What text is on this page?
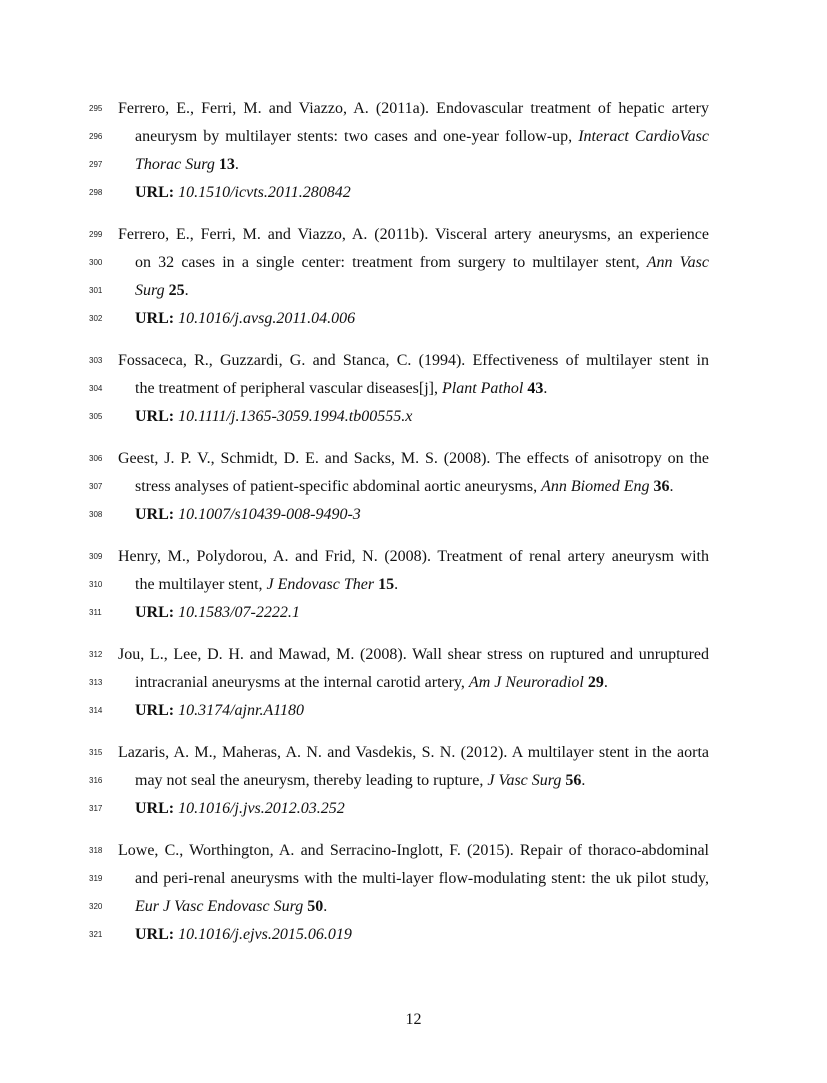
295 Ferrero, E., Ferri, M. and Viazzo, A. (2011a). Endovascular treatment of hepatic artery
296	aneurysm by multilayer stents: two cases and one-year follow-up, Interact CardioVasc
297	Thorac Surg 13.
298	URL: 10.1510/icvts.2011.280842
299 Ferrero, E., Ferri, M. and Viazzo, A. (2011b). Visceral artery aneurysms, an experience
300	on 32 cases in a single center: treatment from surgery to multilayer stent, Ann Vasc
301	Surg 25.
302	URL: 10.1016/j.avsg.2011.04.006
303 Fossaceca, R., Guzzardi, G. and Stanca, C. (1994). Effectiveness of multilayer stent in
304	the treatment of peripheral vascular diseases[j], Plant Pathol 43.
305	URL: 10.1111/j.1365-3059.1994.tb00555.x
306 Geest, J. P. V., Schmidt, D. E. and Sacks, M. S. (2008). The effects of anisotropy on the
307	stress analyses of patient-specific abdominal aortic aneurysms, Ann Biomed Eng 36.
308	URL: 10.1007/s10439-008-9490-3
309 Henry, M., Polydorou, A. and Frid, N. (2008). Treatment of renal artery aneurysm with
310	the multilayer stent, J Endovasc Ther 15.
311	URL: 10.1583/07-2222.1
312 Jou, L., Lee, D. H. and Mawad, M. (2008). Wall shear stress on ruptured and unruptured
313	intracranial aneurysms at the internal carotid artery, Am J Neuroradiol 29.
314	URL: 10.3174/ajnr.A1180
315 Lazaris, A. M., Maheras, A. N. and Vasdekis, S. N. (2012). A multilayer stent in the aorta
316	may not seal the aneurysm, thereby leading to rupture, J Vasc Surg 56.
317	URL: 10.1016/j.jvs.2012.03.252
318 Lowe, C., Worthington, A. and Serracino-Inglott, F. (2015). Repair of thoraco-abdominal
319	and peri-renal aneurysms with the multi-layer flow-modulating stent: the uk pilot study,
320	Eur J Vasc Endovasc Surg 50.
321	URL: 10.1016/j.ejvs.2015.06.019
12
